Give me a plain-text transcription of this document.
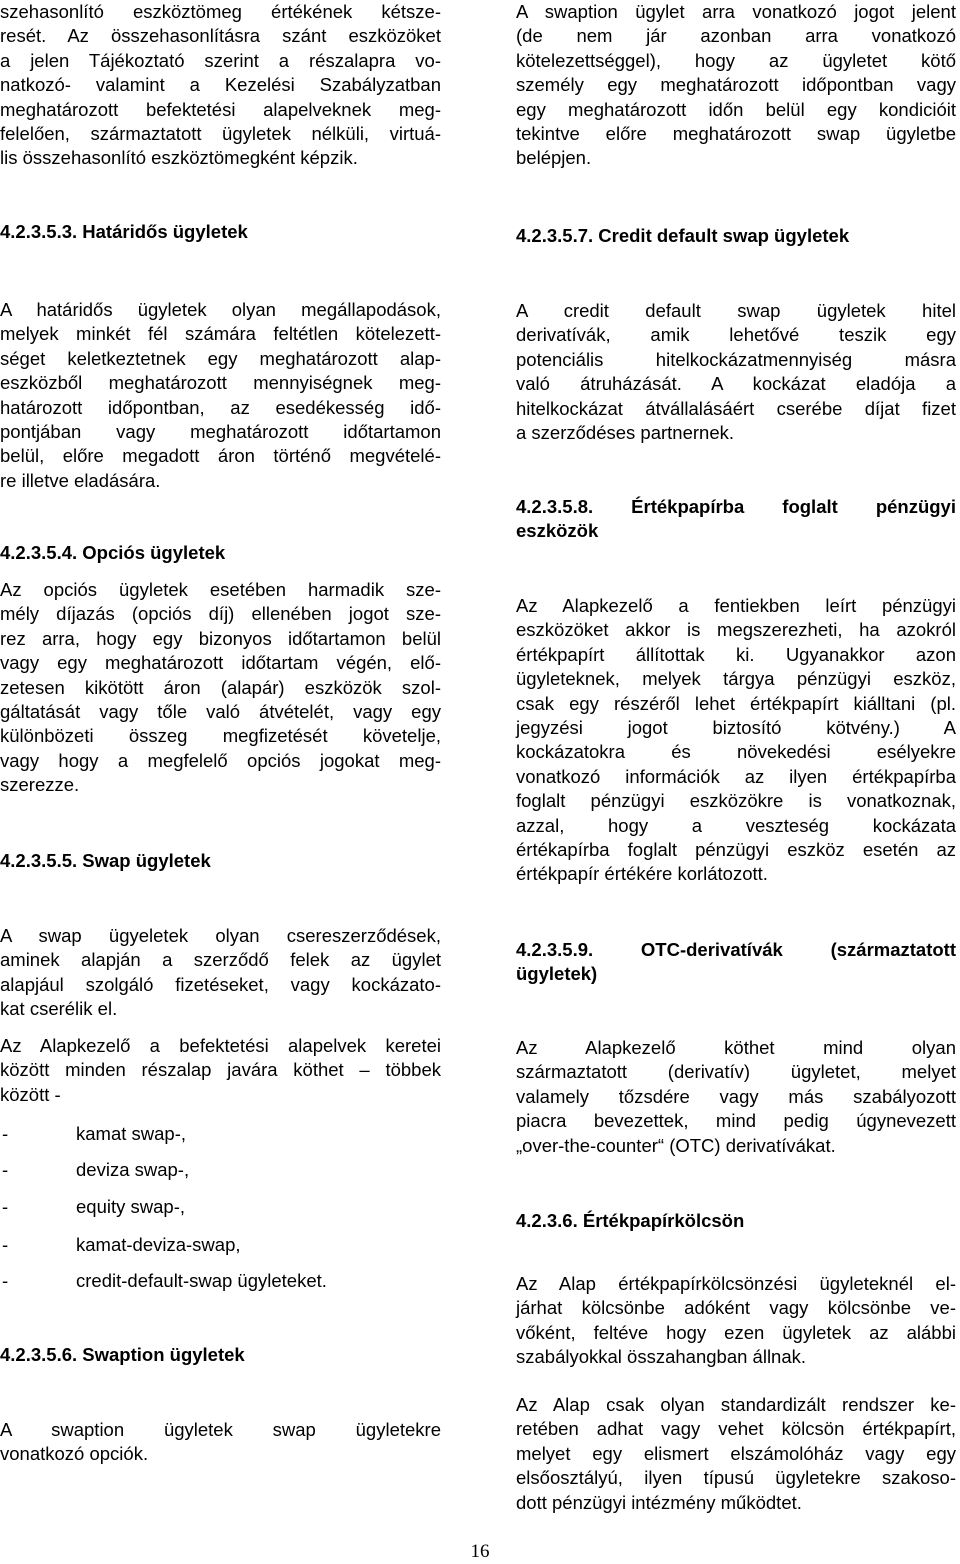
szehasonlító eszköztömeg értékének kétsze-
resét. Az összehasonlításra szánt eszközöket
a jelen Tájékoztató szerint a részalapra vo-
natkozó- valamint a Kezelési Szabályzatban
meghatározott befektetési alapelveknek meg-
felelően, származtatott ügyletek nélküli, virtuá-
lis összehasonlító eszköztömegként képzik.
4.2.3.5.3. Határidős ügyletek
A határidős ügyletek olyan megállapodások,
melyek minkét fél számára feltétlen kötelezett-
séget keletkeztetnek egy meghatározott alap-
eszközből meghatározott mennyiségnek meg-
határozott időpontban, az esedékesség idő-
pontjában vagy meghatározott időtartamon
belül, előre megadott áron történő megvételé-
re illetve eladására.
4.2.3.5.4. Opciós ügyletek
Az opciós ügyletek esetében harmadik sze-
mély díjazás (opciós díj) ellenében jogot sze-
rez arra, hogy egy bizonyos időtartamon belül
vagy egy meghatározott időtartam végén, elő-
zetesen kikötött áron (alapár) eszközök szol-
gáltatását vagy tőle való átvételét, vagy egy
különbözeti összeg megfizetését követelje,
vagy hogy a megfelelő opciós jogokat meg-
szerezze.
4.2.3.5.5. Swap ügyletek
A swap ügyeletek olyan csereszerződések,
aminek alapján a szerződő felek az ügylet
alapjául szolgáló fizetéseket, vagy kockázato-
kat cserélik el.
Az Alapkezelő a befektetési alapelvek keretei
között minden részalap javára köthet – többek
között -
-	kamat swap-,
-	deviza swap-,
-	equity swap-,
-	kamat-deviza-swap,
-	credit-default-swap ügyleteket.
4.2.3.5.6. Swaption ügyletek
A swaption ügyletek swap ügyletekre
vonatkozó opciók.
A swaption ügylet arra vonatkozó jogot jelent
(de nem jár azonban arra vonatkozó
kötelezettséggel), hogy az ügyletet kötő
személy egy meghatározott időpontban vagy
egy meghatározott időn belül egy kondicióit
tekintve előre meghatározott swap ügyletbe
belépjen.
4.2.3.5.7. Credit default swap ügyletek
A credit default swap ügyletek hitel
derivatívák, amik lehetővé teszik egy
potenciális hitelkockázatmennyiség másra
való átruházását. A kockázat eladója a
hitelkockázat átvállalásáért cserébe díjat fizet
a szerződéses partnernek.
4.2.3.5.8. Értékpapírba foglalt pénzügyi
eszközök
Az Alapkezelő a fentiekben leírt pénzügyi
eszközöket akkor is megszerezheti, ha azokról
értékpapírt állítottak ki. Ugyanakkor azon
ügyleteknek, melyek tárgya pénzügyi eszköz,
csak egy részéről lehet értékpapírt kiálltani (pl.
jegyzési jogot biztosító kötvény.) A
kockázatokra és növekedési esélyekre
vonatkozó információk az ilyen értékpapírba
foglalt pénzügyi eszközökre is vonatkoznak,
azzal, hogy a veszteség kockázata
értékapírba foglalt pénzügyi eszköz esetén az
értékpapír értékére korlátozott.
4.2.3.5.9.	OTC-derivatívák	(származtatott
ügyletek)
Az Alapkezelő köthet mind olyan
származtatott (derivatív) ügyletet, melyet
valamely tőzsdére vagy más szabályozott
piacra bevezettek, mind pedig úgynevezett
„over-the-counter“ (OTC) derivatívákat.
4.2.3.6. Értékpapírkölcsön
Az Alap értékpapírkölcsönzési ügyleteknél el-
járhat kölcsönbe adóként vagy kölcsönbe ve-
vőként, feltéve hogy ezen ügyletek az alábbi
szabályokkal összahangban állnak.
Az Alap csak olyan standardizált rendszer ke-
retében adhat vagy vehet kölcsön értékpapírt,
melyet egy elismert elszámolóház vagy egy
elsőosztályú, ilyen típusú ügyletekre szakoso-
dott pénzügyi intézmény működtet.
16
